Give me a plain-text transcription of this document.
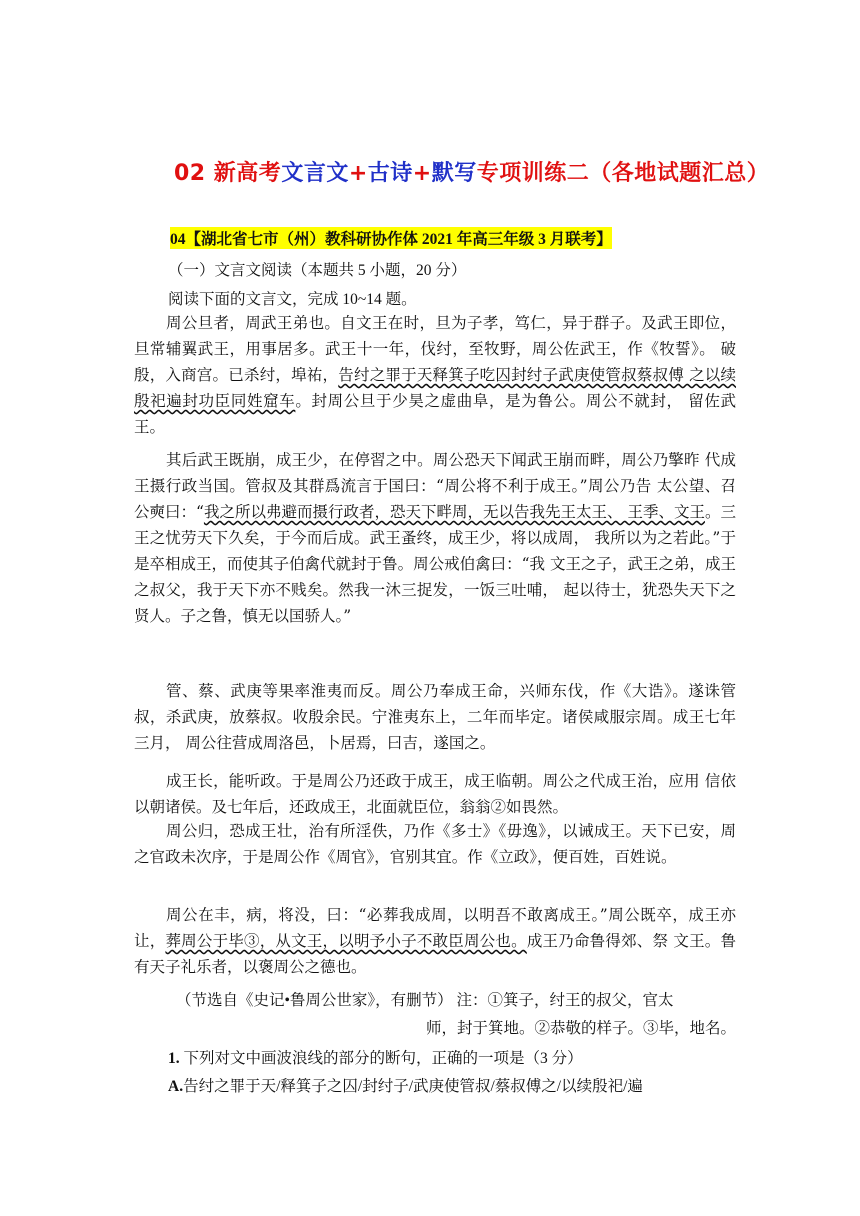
02 新高考文言文+古诗+默写专项训练二（各地试题汇总）
04【湖北省七市（州）教科研协作体 2021 年高三年级 3 月联考】
（一）文言文阅读（本题共 5 小题，20 分）
阅读下面的文言文，完成 10~14 题。

周公旦者，周武王弟也。自文王在时，旦为子孝，笃仁，异于群子。及武王即位， 旦常辅翼武王，用事居多。武王十一年，伐纣，至牧野，周公佐武王，作《牧誓》。 破殷，入商宫。已杀纣，埠祐，告纣之罪于天释箕子吃囚封纣子武庚使管叔蔡叔傅 之以续殷祀遍封功臣同姓窟车。封周公旦于少昊之虚曲阜，是为鲁公。周公不就封， 留佐武王。

其后武王既崩，成王少，在停習之中。周公恐天下闻武王崩而畔，周公乃擎昨 代成王摄行政当国。管叔及其群爲流言于国曰：“周公将不利于成王。”周公乃告 太公望、召公奭曰：“我之所以弗避而摄行政者，恐天下畔周，无以告我先王太王、 王季、文王。三王之忧劳天下久矣，于今而后成。武王蚤终，成王少，将以成周， 我所以为之若此。”于是卒相成王，而使其子伯禽代就封于鲁。周公戒伯禽曰：“我 文王之子，武王之弟，成王之叔父，我于天下亦不贱矣。然我一沐三捉发，一饭三吐哺， 起以待士，犹恐失天下之贤人。子之鲁，慎无以国骄人。”

管、蔡、武庚等果率淮夷而反。周公乃奉成王命，兴师东伐，作《大诰》。遂诛管叔，杀武庚，放蔡叔。收殷余民。宁淮夷东上，二年而毕定。诸侯咸服宗周。成王七年三月， 周公往营成周洛邑，卜居焉，曰吉，遂国之。

成王长，能听政。于是周公乃还政于成王，成王临朝。周公之代成王治，应用 信依以朝诸侯。及七年后，还政成王，北面就臣位，翁翁②如畏然。

周公归，恐成王壮，治有所淫佚，乃作《多士》《毋逸》，以诫成王。天下已安，周之官政未次序，于是周公作《周官》，官别其宜。作《立政》，便百姓，百姓说。

周公在丰，病，将没，曰：“必葬我成周，以明吾不敢离成王。”周公既卒，成王亦让，葬周公于毕③，从文王，以明予小子不敢臣周公也。成王乃命鲁得郊、祭 文王。鲁有天子礼乐者，以褒周公之德也。

（节选自《史记•鲁周公世家》，有删节） 注：①箕子，纣王的叔父，官太
师，封于箕地。②恭敬的样子。③毕，地名。
1. 下列对文中画波浪线的部分的断句，正确的一项是（3 分）
A.告纣之罪于天/释箕子之囚/封纣子/武庚使管叔/蔡叔傅之/以续殷祀/遍
